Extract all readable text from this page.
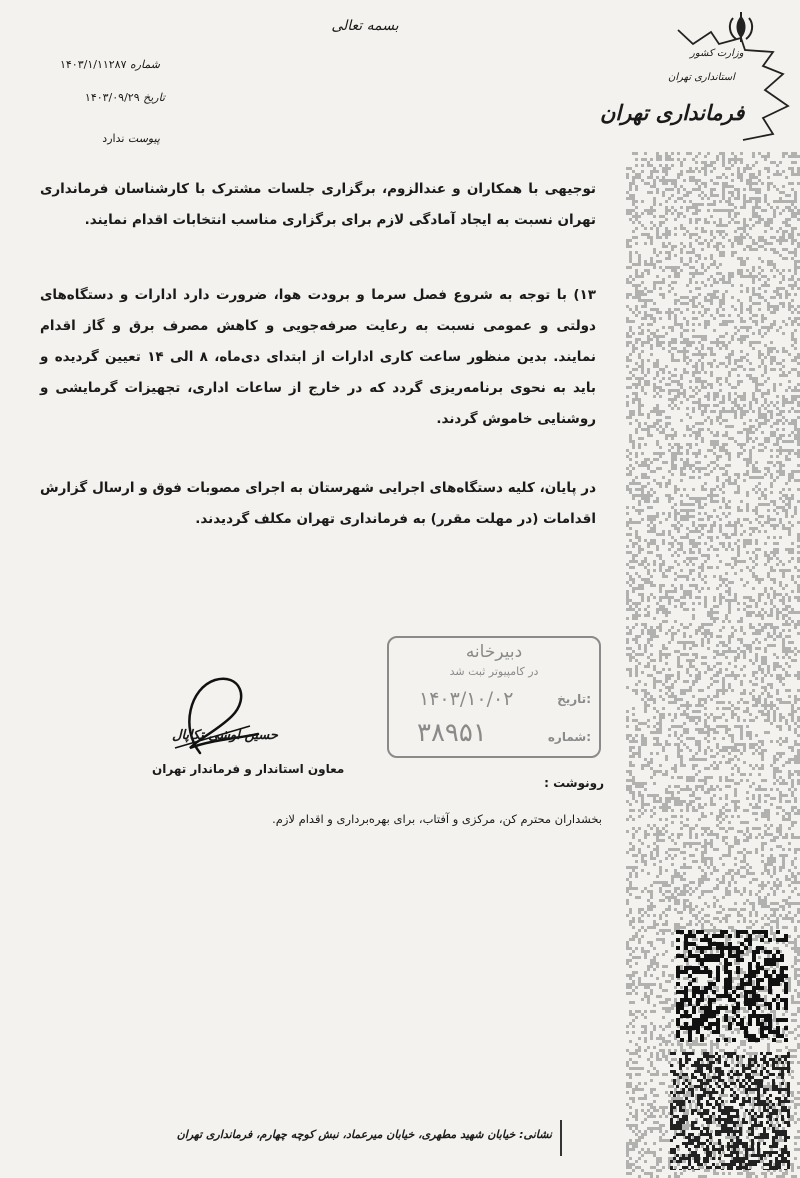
بسمه تعالی
شماره ۱۴۰۳/۱/۱۱۲۸۷
تاریخ ۱۴۰۳/۰۹/۲۹
پیوست ندارد
وزارت کشور
استانداری تهران
فرمانداری تهران
توجیهی با همکاران و عندالزوم، برگزاری جلسات مشترک با کارشناسان فرمانداری تهران نسبت به ایجاد آمادگی لازم برای برگزاری مناسب انتخابات اقدام نمایند.
۱۳) با توجه به شروع فصل سرما و برودت هوا، ضرورت دارد ادارات و دستگاه‌های دولتی و عمومی نسبت به رعایت صرفه‌جویی و کاهش مصرف برق و گاز اقدام نمایند. بدین منظور ساعت کاری ادارات از ابتدای دی‌ماه، ۸ الی ۱۴ تعیین گردیده و باید به نحوی برنامه‌ریزی گردد که در خارج از ساعات اداری، تجهیزات گرمایشی و روشنایی خاموش گردند.
در پایان، کلیه دستگاه‌های اجرایی شهرستان به اجرای مصوبات فوق و ارسال گزارش اقدامات (در مهلت مقرر) به فرمانداری تهران مکلف گردیدند.
حسین اوشی تکاپال
معاون استاندار و فرماندار تهران
دبیرخانه
در کامپیوتر ثبت شد
تاریخ:
۱۴۰۳/۱۰/۰۲
شماره:
۳۸۹۵۱
رونوشت :
بخشداران محترم کن، مرکزی و آفتاب، برای بهره‌برداری و اقدام لازم.
نشانی: خیابان شهید مطهری، خیابان میرعماد، نبش کوچه چهارم، فرمانداری تهران
